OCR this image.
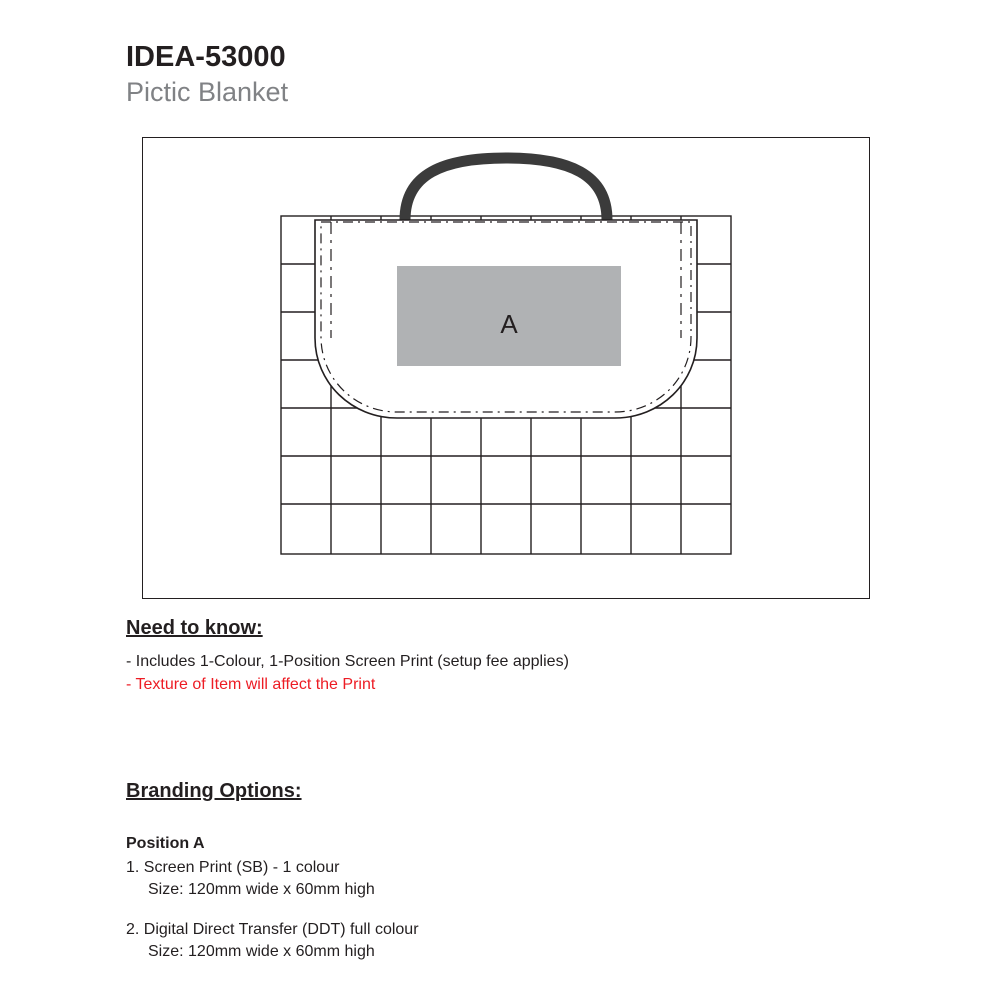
IDEA-53000
Pictic Blanket
A
Need to know:

- Includes 1-Colour, 1-Position Screen Print (setup fee applies)

- Texture of Item will affect the Print

Branding Options:
Position A

1. Screen Print (SB) - 1 colour

Size: 120mm wide x 60mm high

2. Digital Direct Transfer (DDT) full colour

Size: 120mm wide x 60mm high
